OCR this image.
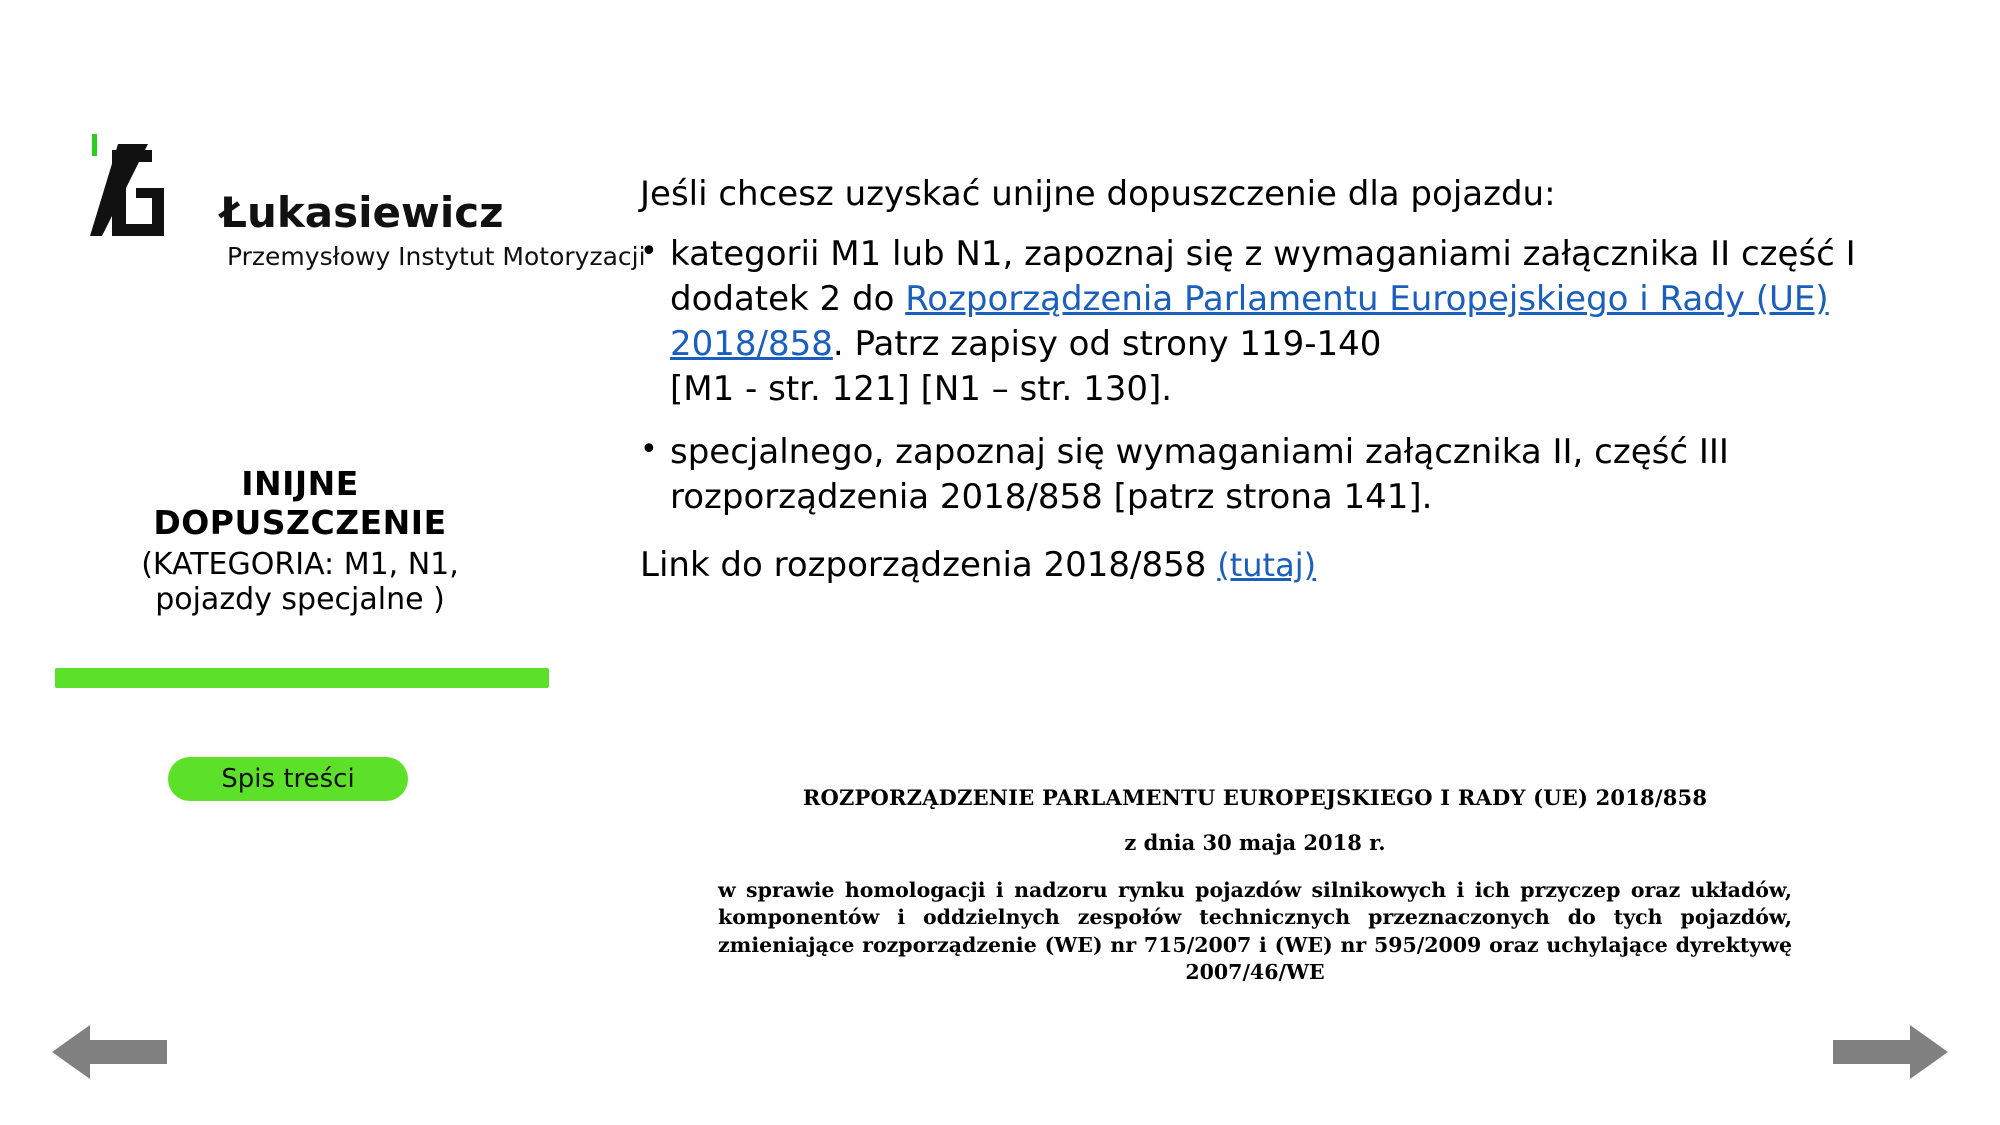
Łukasiewicz
Przemysłowy Instytut Motoryzacji
INIJNE
DOPUSZCZENIE
(KATEGORIA: M1, N1,
pojazdy specjalne )
Spis treści

Jeśli chcesz uzyskać unijne dopuszczenie dla pojazdu:

• kategorii M1 lub N1, zapoznaj się z wymaganiami załącznika II część I dodatek 2 do Rozporządzenia Parlamentu Europejskiego i Rady (UE) 2018/858. Patrz zapisy od strony 119-140
[M1 - str. 121] [N1 – str. 130].
• specjalnego, zapoznaj się wymaganiami załącznika II, część III rozporządzenia 2018/858 [patrz strona 141].

Link do rozporządzenia 2018/858 (tutaj)

ROZPORZĄDZENIE PARLAMENTU EUROPEJSKIEGO I RADY (UE) 2018/858
z dnia 30 maja 2018 r.
w sprawie homologacji i nadzoru rynku pojazdów silnikowych i ich przyczep oraz układów, komponentów i oddzielnych zespołów technicznych przeznaczonych do tych pojazdów, zmieniające rozporządzenie (WE) nr 715/2007 i (WE) nr 595/2009 oraz uchylające dyrektywę 2007/46/WE
